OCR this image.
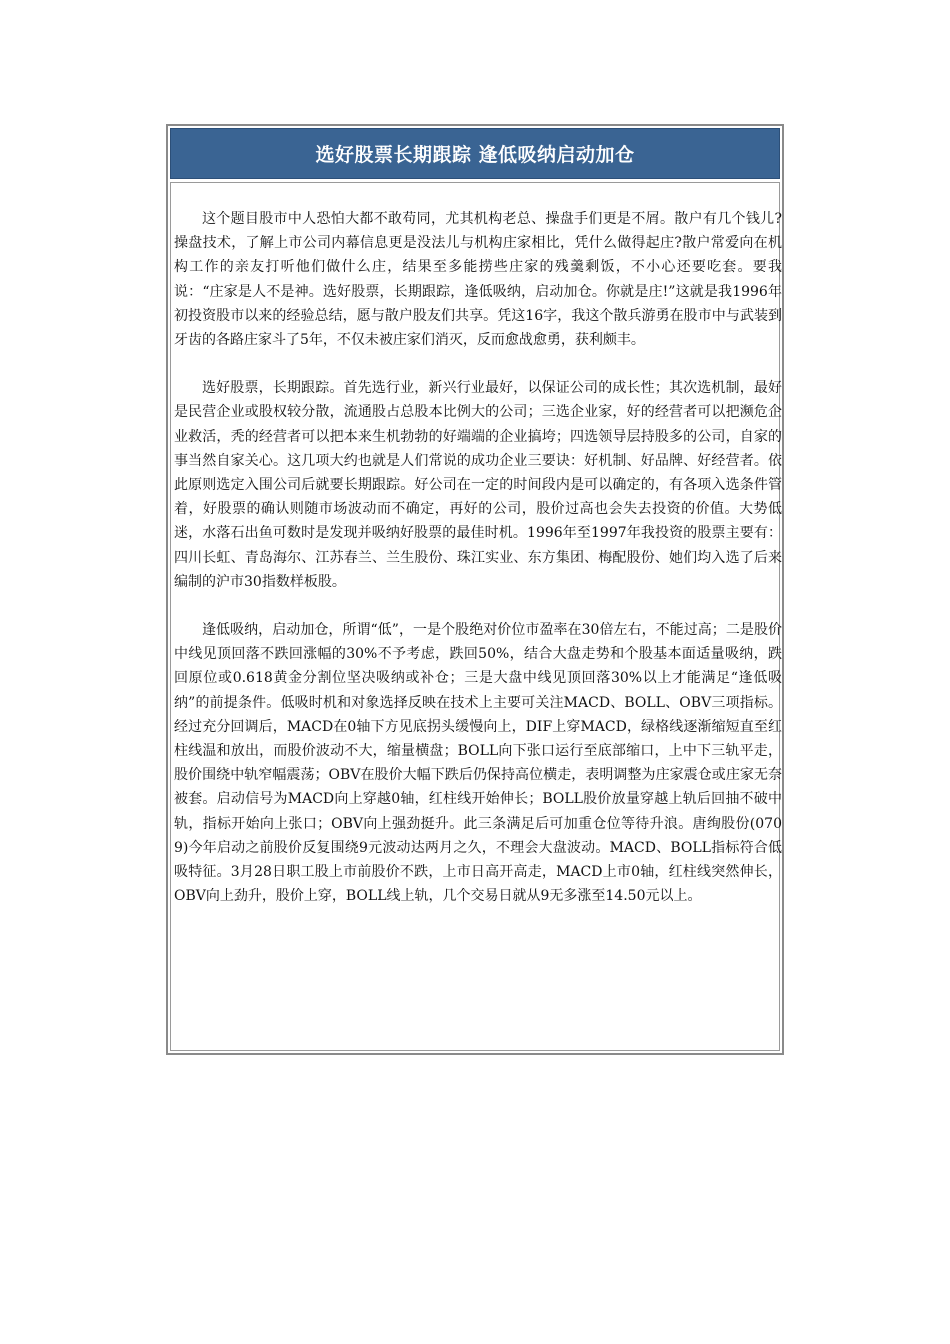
选好股票长期跟踪 逢低吸纳启动加仓

这个题目股市中人恐怕大都不敢苟同，尤其机构老总、操盘手们更是不屑。散户有几个钱儿?操盘技术，了解上市公司内幕信息更是没法儿与机构庄家相比，凭什么做得起庄?散户常爱向在机构工作的亲友打听他们做什么庄，结果至多能捞些庄家的残羹剩饭，不小心还要吃套。要我说：“庄家是人不是神。选好股票，长期跟踪，逢低吸纳，启动加仓。你就是庄!”这就是我1996年初投资股市以来的经验总结，愿与散户股友们共享。凭这16字，我这个散兵游勇在股市中与武装到牙齿的各路庄家斗了5年，不仅未被庄家们消灭，反而愈战愈勇，获利颇丰。

选好股票，长期跟踪。首先选行业，新兴行业最好，以保证公司的成长性；其次选机制，最好是民营企业或股权较分散，流通股占总股本比例大的公司；三选企业家，好的经营者可以把濒危企业救活，秃的经营者可以把本来生机勃勃的好端端的企业搞垮；四选领导层持股多的公司，自家的事当然自家关心。这几项大约也就是人们常说的成功企业三要诀：好机制、好品牌、好经营者。依此原则选定入围公司后就要长期跟踪。好公司在一定的时间段内是可以确定的，有各项入选条件管着，好股票的确认则随市场波动而不确定，再好的公司，股价过高也会失去投资的价值。大势低迷，水落石出鱼可数时是发现并吸纳好股票的最佳时机。1996年至1997年我投资的股票主要有：四川长虹、青岛海尔、江苏春兰、兰生股份、珠江实业、东方集团、梅配股份、她们均入选了后来编制的沪市30指数样板股。

逢低吸纳，启动加仓，所谓“低”，一是个股绝对价位市盈率在30倍左右，不能过高；二是股价中线见顶回落不跌回涨幅的30%不予考虑，跌回50%，结合大盘走势和个股基本面适量吸纳，跌回原位或0.618黄金分割位坚决吸纳或补仓；三是大盘中线见顶回落30%以上才能满足“逢低吸纳”的前提条件。低吸时机和对象选择反映在技术上主要可关注MACD、BOLL、OBV三项指标。经过充分回调后，MACD在0轴下方见底拐头缓慢向上，DIF上穿MACD，绿格线逐渐缩短直至红柱线温和放出，而股价波动不大，缩量横盘；BOLL向下张口运行至底部缩口，上中下三轨平走，股价围绕中轨窄幅震荡；OBV在股价大幅下跌后仍保持高位横走，表明调整为庄家震仓或庄家无奈被套。启动信号为MACD向上穿越0轴，红柱线开始伸长；BOLL股价放量穿越上轨后回抽不破中轨，指标开始向上张口；OBV向上强劲挺升。此三条满足后可加重仓位等待升浪。唐绚股份(0709)今年启动之前股价反复围绕9元波动达两月之久，不理会大盘波动。MACD、BOLL指标符合低吸特征。3月28日职工股上市前股价不跌，上市日高开高走，MACD上市0轴，红柱线突然伸长，OBV向上劲升，股价上穿，BOLL线上轨，几个交易日就从9无多涨至14.50元以上。
